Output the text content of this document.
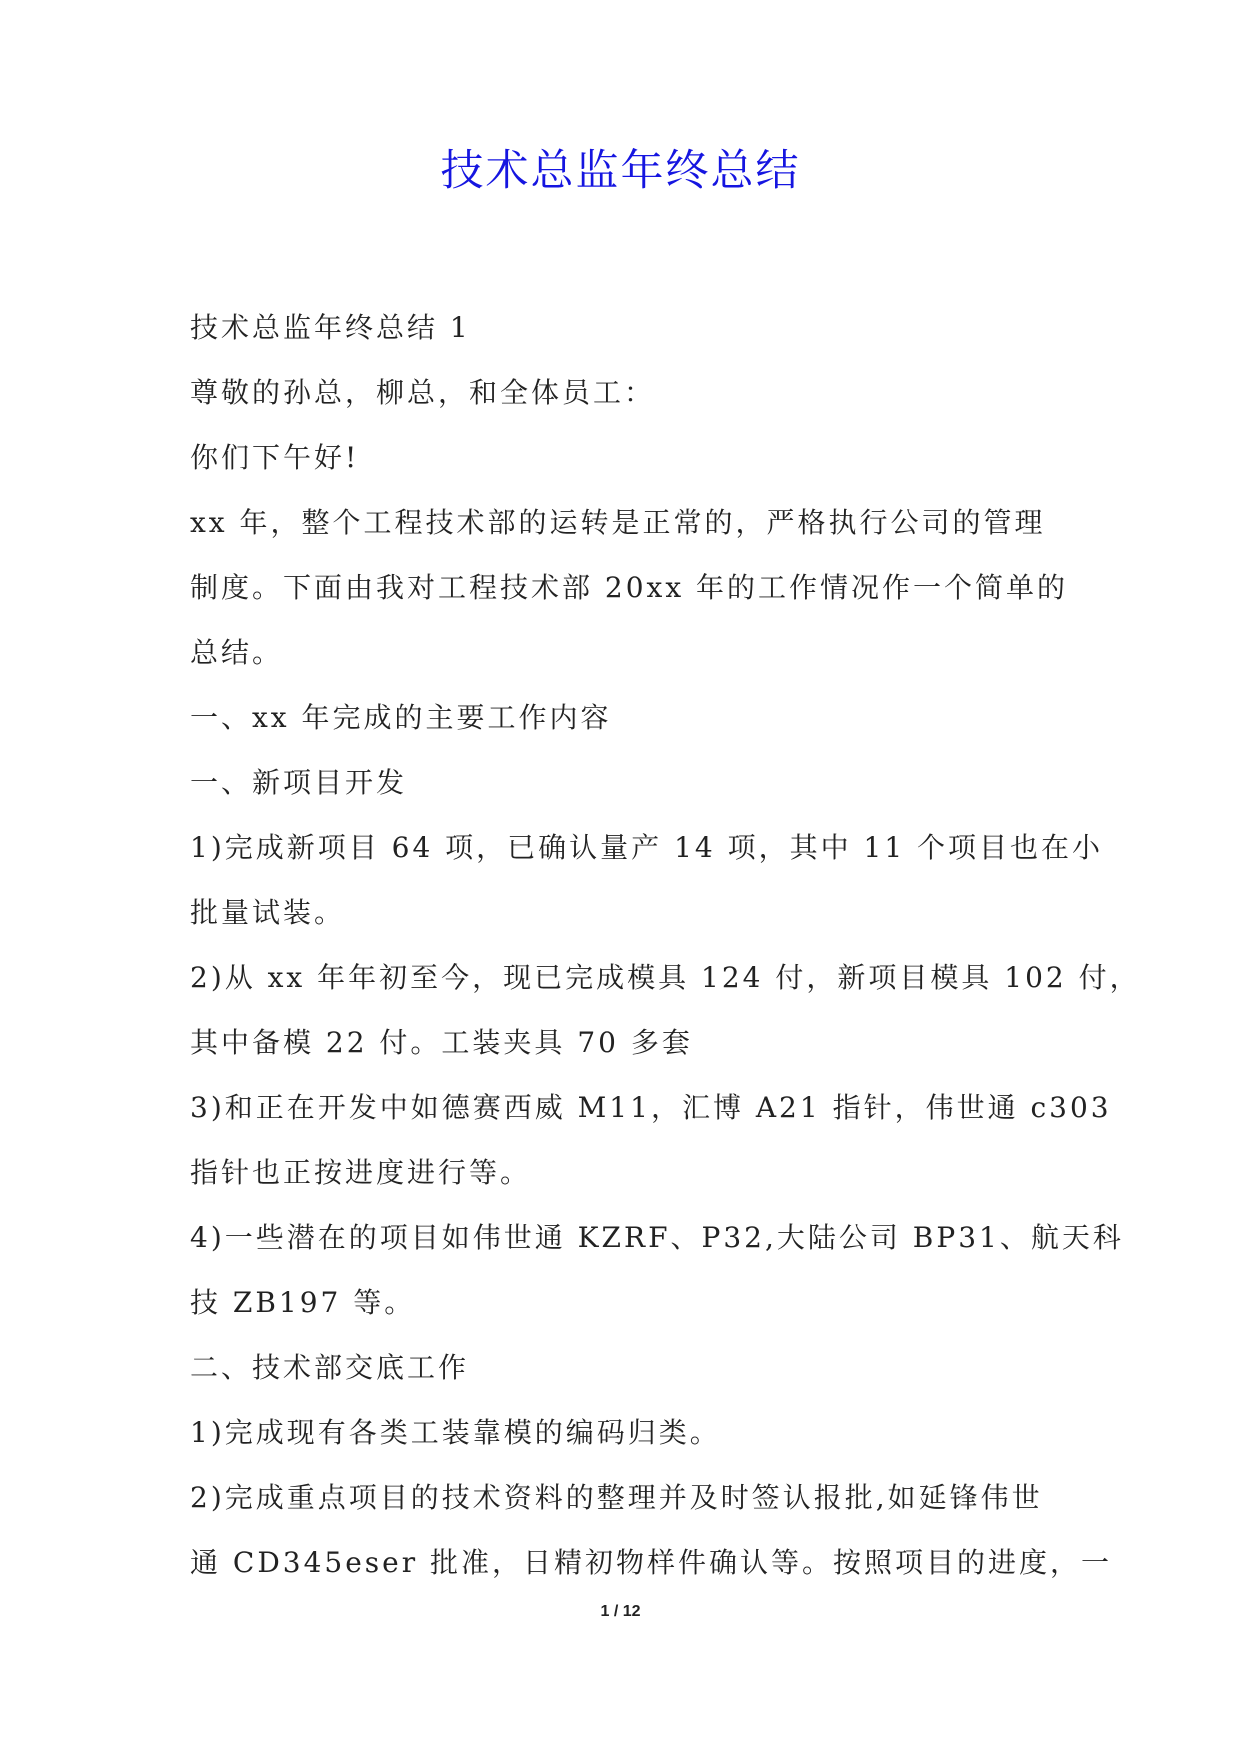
技术总监年终总结

技术总监年终总结 1

尊敬的孙总，柳总，和全体员工：

你们下午好!

xx 年，整个工程技术部的运转是正常的，严格执行公司的管理

制度。下面由我对工程技术部 20xx 年的工作情况作一个简单的

总结。

一、xx 年完成的主要工作内容

一、新项目开发

1)完成新项目 64 项，已确认量产 14 项，其中 11 个项目也在小

批量试装。

2)从 xx 年年初至今，现已完成模具 124 付，新项目模具 102 付，

其中备模 22 付。工装夹具 70 多套

3)和正在开发中如德赛西威 M11，汇博 A21 指针，伟世通 c303

指针也正按进度进行等。

4)一些潜在的项目如伟世通 KZRF、P32,大陆公司 BP31、航天科

技 ZB197 等。

二、技术部交底工作

1)完成现有各类工装靠模的编码归类。

2)完成重点项目的技术资料的整理并及时签认报批,如延锋伟世

通 CD345eser 批准，日精初物样件确认等。按照项目的进度，一

1 / 12
